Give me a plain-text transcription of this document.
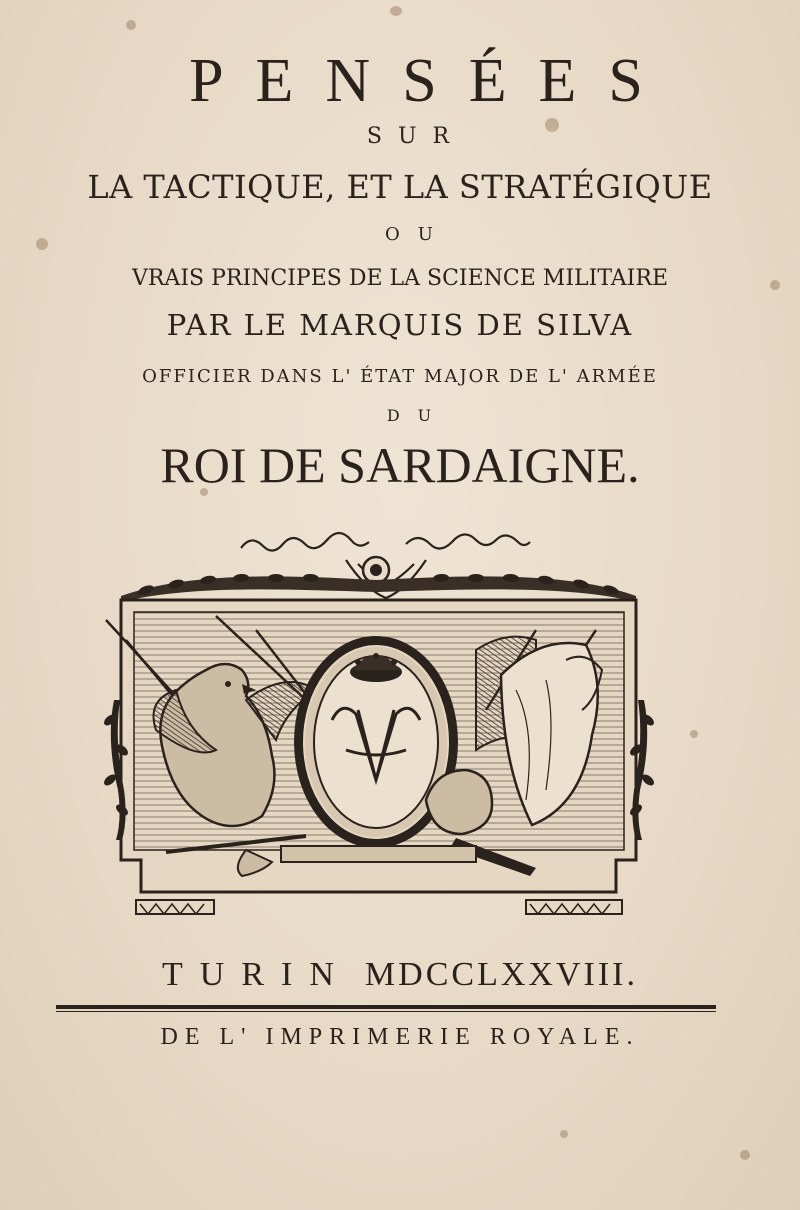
PENSÉES
SUR
LA TACTIQUE, ET LA STRATÉGIQUE
OU
VRAIS PRINCIPES DE LA SCIENCE MILITAIRE
PAR LE MARQUIS DE SILVA
OFFICIER DANS L' ÉTAT MAJOR DE L' ARMÉE
DU
ROI DE SARDAIGNE.
TURIN MDCCLXXVIII.
DE L' IMPRIMERIE ROYALE.
